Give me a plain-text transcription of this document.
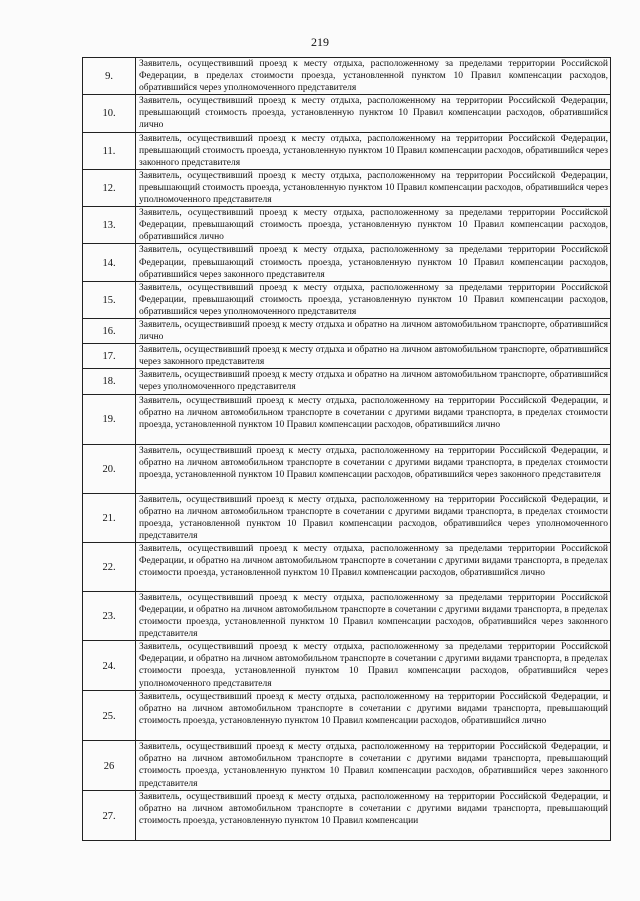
219
9.	Заявитель, осуществивший проезд к месту отдыха, расположенному за пределами территории Российской Федерации, в пределах стоимости проезда, установленной пунктом 10 Правил компенсации расходов, обратившийся через уполномоченного представителя
10.	Заявитель, осуществивший проезд к месту отдыха, расположенному на территории Российской Федерации, превышающий стоимость проезда, установленную пунктом 10 Правил компенсации расходов, обратившийся лично
11.	Заявитель, осуществивший проезд к месту отдыха, расположенному на территории Российской Федерации, превышающий стоимость проезда, установленную пунктом 10 Правил компенсации расходов, обратившийся через законного представителя
12.	Заявитель, осуществивший проезд к месту отдыха, расположенному на территории Российской Федерации, превышающий стоимость проезда, установленную пунктом 10 Правил компенсации расходов, обратившийся через уполномоченного представителя
13.	Заявитель, осуществивший проезд к месту отдыха, расположенному за пределами территории Российской Федерации, превышающий стоимость проезда, установленную пунктом 10 Правил компенсации расходов, обратившийся лично
14.	Заявитель, осуществивший проезд к месту отдыха, расположенному за пределами территории Российской Федерации, превышающий стоимость проезда, установленную пунктом 10 Правил компенсации расходов, обратившийся через законного представителя
15.	Заявитель, осуществивший проезд к месту отдыха, расположенному за пределами территории Российской Федерации, превышающий стоимость проезда, установленную пунктом 10 Правил компенсации расходов, обратившийся через уполномоченного представителя
16.	Заявитель, осуществивший проезд к месту отдыха и обратно на личном автомобильном транспорте, обратившийся лично
17.	Заявитель, осуществивший проезд к месту отдыха и обратно на личном автомобильном транспорте, обратившийся через законного представителя
18.	Заявитель, осуществивший проезд к месту отдыха и обратно на личном автомобильном транспорте, обратившийся через уполномоченного представителя
19.	Заявитель, осуществивший проезд к месту отдыха, расположенному на территории Российской Федерации, и обратно на личном автомобильном транспорте в сочетании с другими видами транспорта, в пределах стоимости проезда, установленной пунктом 10 Правил компенсации расходов, обратившийся лично
20.	Заявитель, осуществивший проезд к месту отдыха, расположенному на территории Российской Федерации, и обратно на личном автомобильном транспорте в сочетании с другими видами транспорта, в пределах стоимости проезда, установленной пунктом 10 Правил компенсации расходов, обратившийся через законного представителя
21.	Заявитель, осуществивший проезд к месту отдыха, расположенному на территории Российской Федерации, и обратно на личном автомобильном транспорте в сочетании с другими видами транспорта, в пределах стоимости проезда, установленной пунктом 10 Правил компенсации расходов, обратившийся через уполномоченного представителя
22.	Заявитель, осуществивший проезд к месту отдыха, расположенному за пределами территории Российской Федерации, и обратно на личном автомобильном транспорте в сочетании с другими видами транспорта, в пределах стоимости проезда, установленной пунктом 10 Правил компенсации расходов, обратившийся лично
23.	Заявитель, осуществивший проезд к месту отдыха, расположенному за пределами территории Российской Федерации, и обратно на личном автомобильном транспорте в сочетании с другими видами транспорта, в пределах стоимости проезда, установленной пунктом 10 Правил компенсации расходов, обратившийся через законного представителя
24.	Заявитель, осуществивший проезд к месту отдыха, расположенному за пределами территории Российской Федерации, и обратно на личном автомобильном транспорте в сочетании с другими видами транспорта, в пределах стоимости проезда, установленной пунктом 10 Правил компенсации расходов, обратившийся через уполномоченного представителя
25.	Заявитель, осуществивший проезд к месту отдыха, расположенному на территории Российской Федерации, и обратно на личном автомобильном транспорте в сочетании с другими видами транспорта, превышающий стоимость проезда, установленную пунктом 10 Правил компенсации расходов, обратившийся лично
26	Заявитель, осуществивший проезд к месту отдыха, расположенному на территории Российской Федерации, и обратно на личном автомобильном транспорте в сочетании с другими видами транспорта, превышающий стоимость проезда, установленную пунктом 10 Правил компенсации расходов, обратившийся через законного представителя
27.	Заявитель, осуществивший проезд к месту отдыха, расположенному на территории Российской Федерации, и обратно на личном автомобильном транспорте в сочетании с другими видами транспорта, превышающий стоимость проезда, установленную пунктом 10 Правил компенсации
